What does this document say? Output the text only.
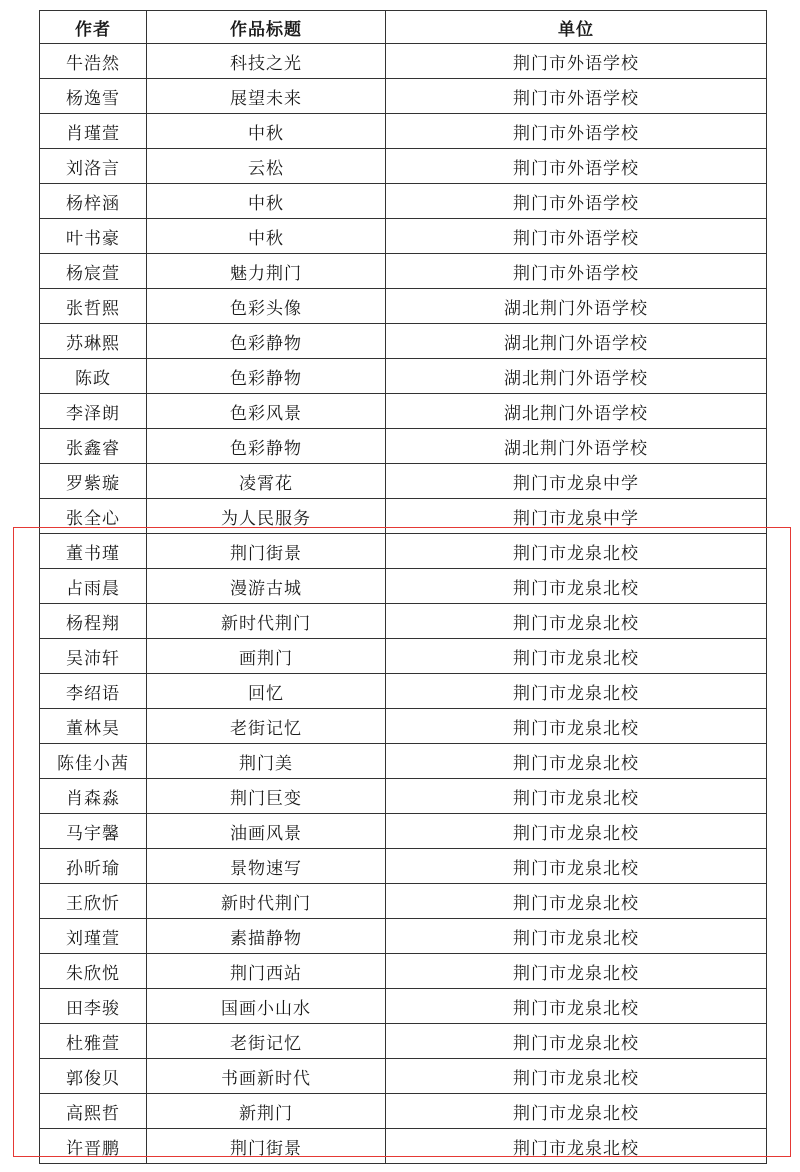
作者	作品标题	单位
牛浩然	科技之光	荆门市外语学校
杨逸雪	展望未来	荆门市外语学校
肖瑾萱	中秋	荆门市外语学校
刘洛言	云松	荆门市外语学校
杨梓涵	中秋	荆门市外语学校
叶书豪	中秋	荆门市外语学校
杨宸萱	魅力荆门	荆门市外语学校
张哲熙	色彩头像	湖北荆门外语学校
苏琳熙	色彩静物	湖北荆门外语学校
陈政	色彩静物	湖北荆门外语学校
李泽朗	色彩风景	湖北荆门外语学校
张鑫睿	色彩静物	湖北荆门外语学校
罗紫璇	凌霄花	荆门市龙泉中学
张全心	为人民服务	荆门市龙泉中学
董书瑾	荆门街景	荆门市龙泉北校
占雨晨	漫游古城	荆门市龙泉北校
杨程翔	新时代荆门	荆门市龙泉北校
吴沛轩	画荆门	荆门市龙泉北校
李绍语	回忆	荆门市龙泉北校
董林昊	老街记忆	荆门市龙泉北校
陈佳小茜	荆门美	荆门市龙泉北校
肖森淼	荆门巨变	荆门市龙泉北校
马宇馨	油画风景	荆门市龙泉北校
孙昕瑜	景物速写	荆门市龙泉北校
王欣忻	新时代荆门	荆门市龙泉北校
刘瑾萱	素描静物	荆门市龙泉北校
朱欣悦	荆门西站	荆门市龙泉北校
田李骏	国画小山水	荆门市龙泉北校
杜雅萱	老街记忆	荆门市龙泉北校
郭俊贝	书画新时代	荆门市龙泉北校
高熙哲	新荆门	荆门市龙泉北校
许晋鹏	荆门街景	荆门市龙泉北校
